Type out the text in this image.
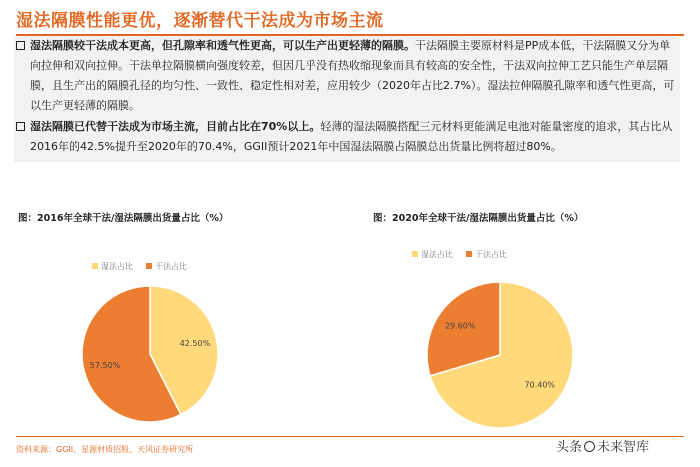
湿法隔膜性能更优，逐渐替代干法成为市场主流
湿法隔膜较干法成本更高，但孔隙率和透气性更高，可以生产出更轻薄的隔膜。干法隔膜主要原材料是PP成本低，干法隔膜又分为单向拉伸和双向拉伸。干法单拉隔膜横向强度较差，但因几乎没有热收缩现象而具有较高的安全性，干法双向拉伸工艺只能生产单层隔膜，且生产出的隔膜孔径的均匀性、一致性、稳定性相对差，应用较少（2020年占比2.7%）。湿法拉伸隔膜孔隙率和透气性更高，可以生产更轻薄的隔膜。
湿法隔膜已代替干法成为市场主流，目前占比在70%以上。轻薄的湿法隔膜搭配三元材料更能满足电池对能量密度的追求，其占比从2016年的42.5%提升至2020年的70.4%，GGII预计2021年中国湿法隔膜占隔膜总出货量比例将超过80%。
图：2016年全球干法/湿法隔膜出货量占比（%）	图：2020年全球干法/湿法隔膜出货量占比（%）
湿法占比	干法占比
42.50%
57.50%
湿法占比	干法占比
70.40%
29.60%
资料来源：GGII、星源材质招股、天风证券研究所	头条 未来智库
